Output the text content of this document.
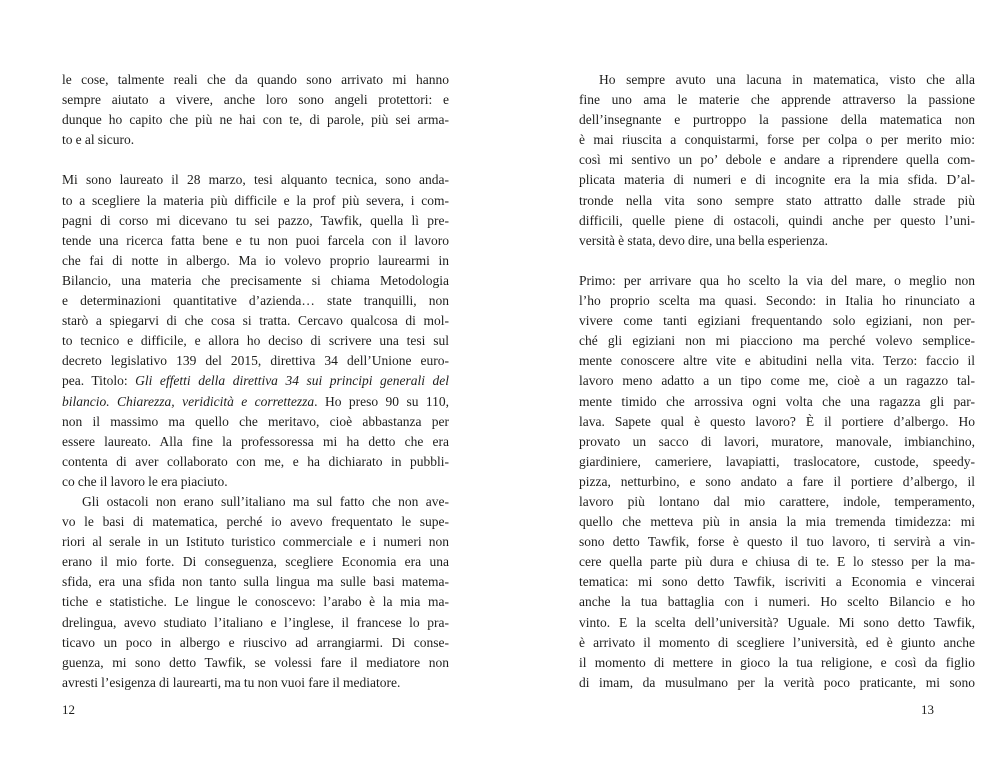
le cose, talmente reali che da quando sono arrivato mi hanno
sempre aiutato a vivere, anche loro sono angeli protettori: e
dunque ho capito che più ne hai con te, di parole, più sei arma-
to e al sicuro.

Mi sono laureato il 28 marzo, tesi alquanto tecnica, sono anda-
to a scegliere la materia più difficile e la prof più severa, i com-
pagni di corso mi dicevano tu sei pazzo, Tawfik, quella lì pre-
tende una ricerca fatta bene e tu non puoi farcela con il lavoro
che fai di notte in albergo. Ma io volevo proprio laurearmi in
Bilancio, una materia che precisamente si chiama Metodologia
e determinazioni quantitative d’azienda… state tranquilli, non
starò a spiegarvi di che cosa si tratta. Cercavo qualcosa di mol-
to tecnico e difficile, e allora ho deciso di scrivere una tesi sul
decreto legislativo 139 del 2015, direttiva 34 dell’Unione euro-
pea. Titolo: Gli effetti della direttiva 34 sui principi generali del
bilancio. Chiarezza, veridicità e correttezza. Ho preso 90 su 110,
non il massimo ma quello che meritavo, cioè abbastanza per
essere laureato. Alla fine la professoressa mi ha detto che era
contenta di aver collaborato con me, e ha dichiarato in pubbli-
co che il lavoro le era piaciuto.

Gli ostacoli non erano sull’italiano ma sul fatto che non ave-
vo le basi di matematica, perché io avevo frequentato le supe-
riori al serale in un Istituto turistico commerciale e i numeri non
erano il mio forte. Di conseguenza, scegliere Economia era una
sfida, era una sfida non tanto sulla lingua ma sulle basi matema-
tiche e statistiche. Le lingue le conoscevo: l’arabo è la mia ma-
drelingua, avevo studiato l’italiano e l’inglese, il francese lo pra-
ticavo un poco in albergo e riuscivo ad arrangiarmi. Di conse-
guenza, mi sono detto Tawfik, se volessi fare il mediatore non
avresti l’esigenza di laurearti, ma tu non vuoi fare il mediatore.

Ho sempre avuto una lacuna in matematica, visto che alla
fine uno ama le materie che apprende attraverso la passione
dell’insegnante e purtroppo la passione della matematica non
è mai riuscita a conquistarmi, forse per colpa o per merito mio:
così mi sentivo un po’ debole e andare a riprendere quella com-
plicata materia di numeri e di incognite era la mia sfida. D’al-
tronde nella vita sono sempre stato attratto dalle strade più
difficili, quelle piene di ostacoli, quindi anche per questo l’uni-
versità è stata, devo dire, una bella esperienza.

Primo: per arrivare qua ho scelto la via del mare, o meglio non
l’ho proprio scelta ma quasi. Secondo: in Italia ho rinunciato a
vivere come tanti egiziani frequentando solo egiziani, non per-
ché gli egiziani non mi piacciono ma perché volevo semplice-
mente conoscere altre vite e abitudini nella vita. Terzo: faccio il
lavoro meno adatto a un tipo come me, cioè a un ragazzo tal-
mente timido che arrossiva ogni volta che una ragazza gli par-
lava. Sapete qual è questo lavoro? È il portiere d’albergo. Ho
provato un sacco di lavori, muratore, manovale, imbianchino,
giardiniere, cameriere, lavapiatti, traslocatore, custode, speedy-
pizza, netturbino, e sono andato a fare il portiere d’albergo, il
lavoro più lontano dal mio carattere, indole, temperamento,
quello che metteva più in ansia la mia tremenda timidezza: mi
sono detto Tawfik, forse è questo il tuo lavoro, ti servirà a vin-
cere quella parte più dura e chiusa di te. E lo stesso per la ma-
tematica: mi sono detto Tawfik, iscriviti a Economia e vincerai
anche la tua battaglia con i numeri. Ho scelto Bilancio e ho
vinto. E la scelta dell’università? Uguale. Mi sono detto Tawfik,
è arrivato il momento di scegliere l’università, ed è giunto anche
il momento di mettere in gioco la tua religione, e così da figlio
di imam, da musulmano per la verità poco praticante, mi sono

12	13
